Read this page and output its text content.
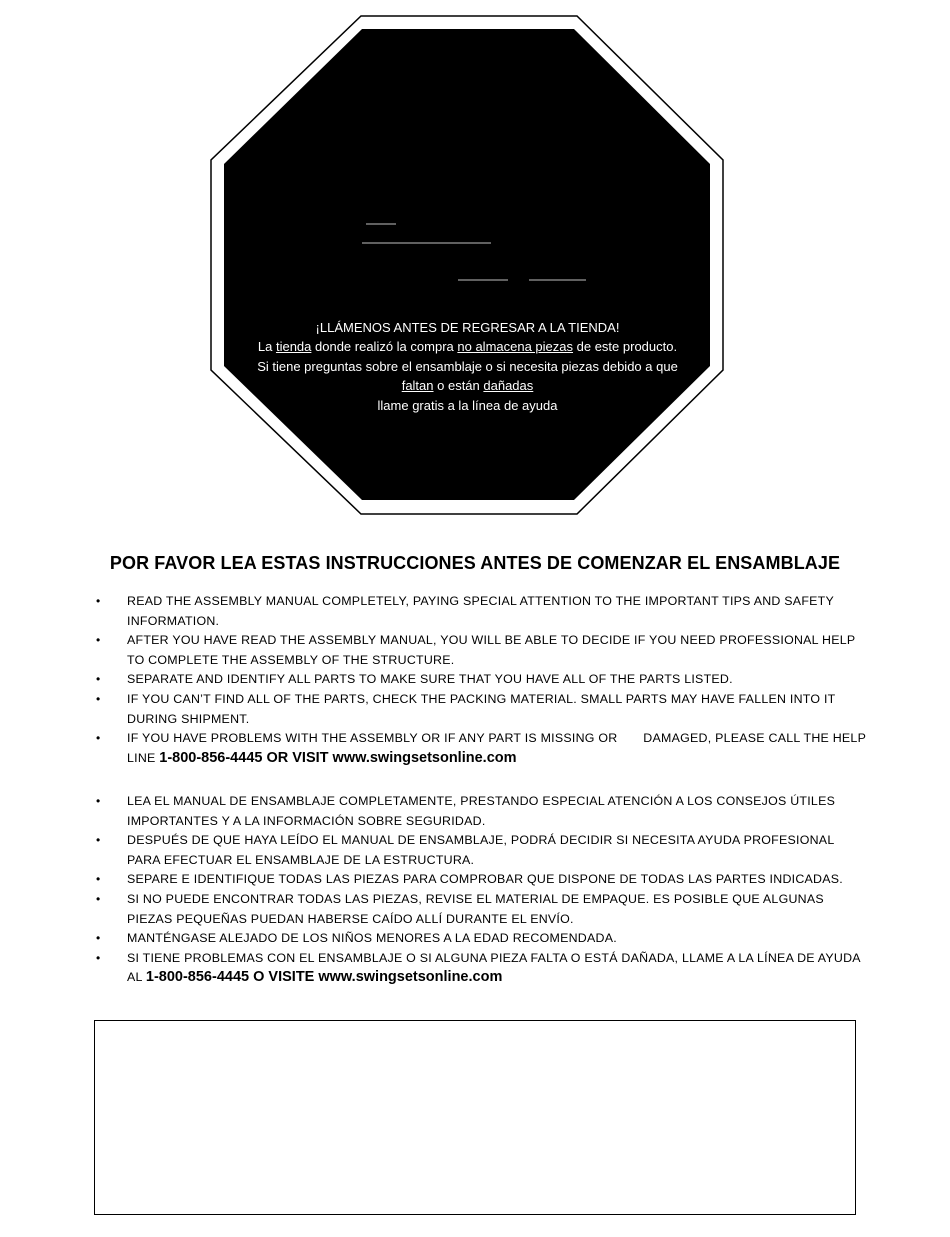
¡LLÁMENOS ANTES DE REGRESAR A LA TIENDA!
La tienda donde realizó la compra no almacena piezas de este producto.
Si tiene preguntas sobre el ensamblaje o si necesita piezas debido a que
faltan o están dañadas
llame gratis a la línea de ayuda
POR FAVOR LEA ESTAS INSTRUCCIONES ANTES DE COMENZAR EL ENSAMBLAJE
• READ THE ASSEMBLY MANUAL COMPLETELY, PAYING SPECIAL ATTENTION TO THE IMPORTANT TIPS AND SAFETY INFORMATION.
• AFTER YOU HAVE READ THE ASSEMBLY MANUAL, YOU WILL BE ABLE TO DECIDE IF YOU NEED PROFESSIONAL HELP TO COMPLETE THE ASSEMBLY OF THE STRUCTURE.
• SEPARATE AND IDENTIFY ALL PARTS TO MAKE SURE THAT YOU HAVE ALL OF THE PARTS LISTED.
• IF YOU CAN’T FIND ALL OF THE PARTS, CHECK THE PACKING MATERIAL. SMALL PARTS MAY HAVE FALLEN INTO IT DURING SHIPMENT.
• IF YOU HAVE PROBLEMS WITH THE ASSEMBLY OR IF ANY PART IS MISSING OR       DAMAGED, PLEASE CALL THE HELP LINE 1-800-856-4445 OR VISIT www.swingsetsonline.com
• LEA EL MANUAL DE ENSAMBLAJE COMPLETAMENTE, PRESTANDO ESPECIAL ATENCIÓN A LOS CONSEJOS ÚTILES IMPORTANTES Y A LA INFORMACIÓN SOBRE SEGURIDAD.
• DESPUÉS DE QUE HAYA LEÍDO EL MANUAL DE ENSAMBLAJE, PODRÁ DECIDIR SI NECESITA AYUDA PROFESIONAL PARA EFECTUAR EL ENSAMBLAJE DE LA ESTRUCTURA.
• SEPARE E IDENTIFIQUE TODAS LAS PIEZAS PARA COMPROBAR QUE DISPONE DE TODAS LAS PARTES INDICADAS.
• SI NO PUEDE ENCONTRAR TODAS LAS PIEZAS, REVISE EL MATERIAL DE EMPAQUE. ES POSIBLE QUE ALGUNAS PIEZAS PEQUEÑAS PUEDAN HABERSE CAÍDO ALLÍ DURANTE EL ENVÍO.
• MANTÉNGASE ALEJADO DE LOS NIÑOS MENORES A LA EDAD RECOMENDADA.
• SI TIENE PROBLEMAS CON EL ENSAMBLAJE O SI ALGUNA PIEZA FALTA O ESTÁ DAÑADA, LLAME A LA LÍNEA DE AYUDA AL 1-800-856-4445 O VISITE www.swingsetsonline.com
